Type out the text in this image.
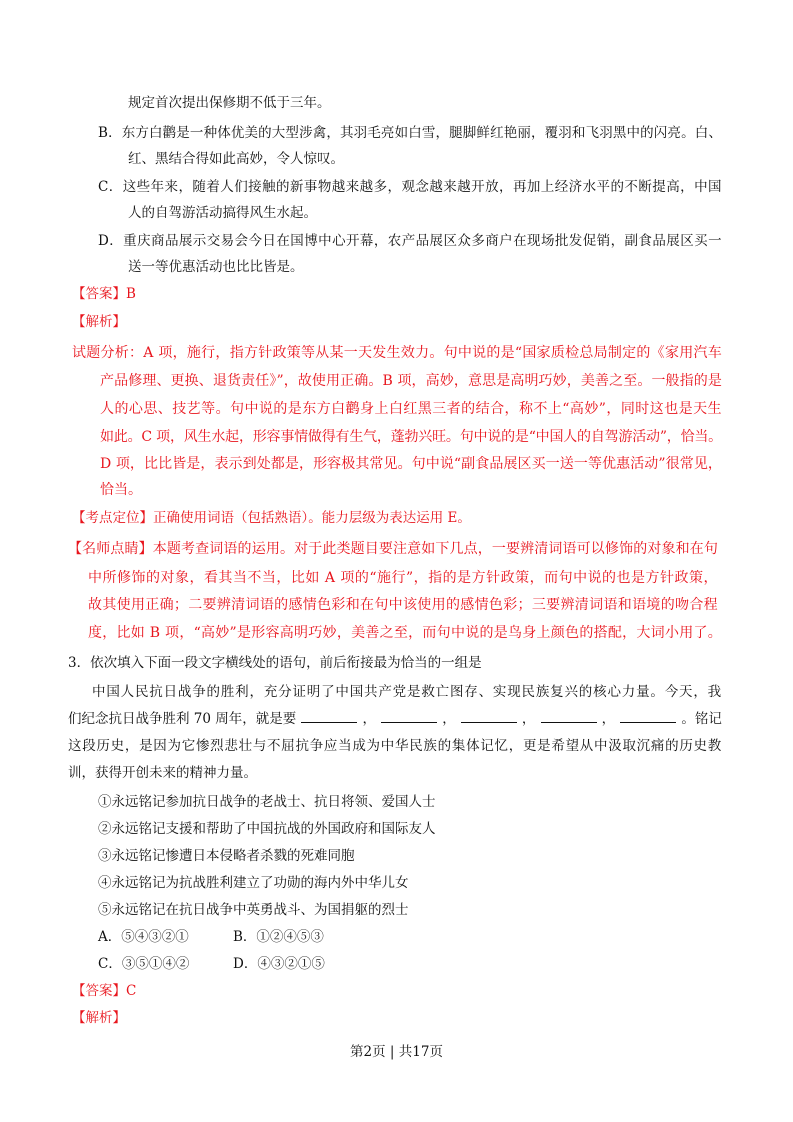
规定首次提出保修期不低于三年。
B．东方白鹳是一种体优美的大型涉禽，其羽毛亮如白雪，腿脚鲜红艳丽，覆羽和飞羽黑中的闪亮。白、
红、黑结合得如此高妙，令人惊叹。
C．这些年来，随着人们接触的新事物越来越多，观念越来越开放，再加上经济水平的不断提高，中国
人的自驾游活动搞得风生水起。
D．重庆商品展示交易会今日在国博中心开幕，农产品展区众多商户在现场批发促销，副食品展区买一
送一等优惠活动也比比皆是。
【答案】B
【解析】
试题分析：A 项，施行，指方针政策等从某一天发生效力。句中说的是“国家质检总局制定的《家用汽车
产品修理、更换、退货责任》”，故使用正确。B 项，高妙，意思是高明巧妙，美善之至。一般指的是
人的心思、技艺等。句中说的是东方白鹳身上白红黑三者的结合，称不上“高妙”，同时这也是天生
如此。C 项，风生水起，形容事情做得有生气，蓬勃兴旺。句中说的是“中国人的自驾游活动”，恰当。
D 项，比比皆是，表示到处都是，形容极其常见。句中说“副食品展区买一送一等优惠活动”很常见，
恰当。
【考点定位】正确使用词语（包括熟语）。能力层级为表达运用 E。
【名师点睛】本题考查词语的运用。对于此类题目要注意如下几点，一要辨清词语可以修饰的对象和在句
中所修饰的对象，看其当不当，比如 A 项的“施行”，指的是方针政策，而句中说的也是方针政策，
故其使用正确；二要辨清词语的感情色彩和在句中该使用的感情色彩；三要辨清词语和语境的吻合程
度，比如 B 项，“高妙”是形容高明巧妙，美善之至，而句中说的是鸟身上颜色的搭配，大词小用了。
3．依次填入下面一段文字横线处的语句，前后衔接最为恰当的一组是
中国人民抗日战争的胜利，充分证明了中国共产党是救亡图存、实现民族复兴的核心力量。今天，我
们纪念抗日战争胜利 70 周年，就是要	，	，	，	，	。铭记
这段历史，是因为它惨烈悲壮与不屈抗争应当成为中华民族的集体记忆，更是希望从中汲取沉痛的历史教
训，获得开创未来的精神力量。
①永远铭记参加抗日战争的老战士、抗日将领、爱国人士
②永远铭记支援和帮助了中国抗战的外国政府和国际友人
③永远铭记惨遭日本侵略者杀戮的死难同胞
④永远铭记为抗战胜利建立了功勋的海内外中华儿女
⑤永远铭记在抗日战争中英勇战斗、为国捐躯的烈士
A．⑤④③②①	B．①②④⑤③
C．③⑤①④②	D．④③②①⑤
【答案】C
【解析】
第2页 | 共17页
